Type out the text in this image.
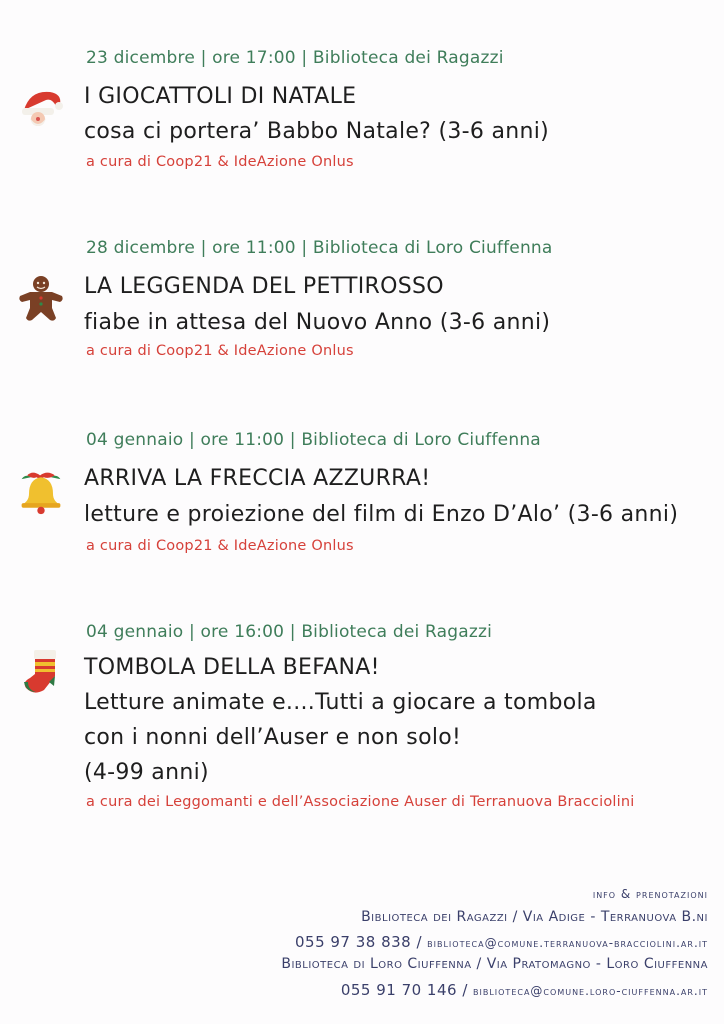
23 dicembre | ore 17:00 | Biblioteca dei Ragazzi
I GIOCATTOLI DI NATALE
cosa ci portera’ Babbo Natale? (3-6 anni)
a cura di Coop21 & IdeAzione Onlus
28 dicembre | ore 11:00 | Biblioteca di Loro Ciuffenna
LA LEGGENDA DEL PETTIROSSO
fiabe in attesa del Nuovo Anno (3-6 anni)
a cura di Coop21 & IdeAzione Onlus
04 gennaio | ore 11:00 | Biblioteca di Loro Ciuffenna
ARRIVA LA FRECCIA AZZURRA!
letture e proiezione del film di Enzo D’Alo’ (3-6 anni)
a cura di Coop21 & IdeAzione Onlus
04 gennaio | ore 16:00 | Biblioteca dei Ragazzi
TOMBOLA DELLA BEFANA!
Letture animate e....Tutti a giocare a tombola
con i nonni dell’Auser e non solo!
(4-99 anni)
a cura dei Leggomanti e dell’Associazione Auser di Terranuova Bracciolini
info & prenotazioni
Biblioteca dei Ragazzi / Via Adige - Terranuova B.ni
055 97 38 838 / biblioteca@comune.terranuova-bracciolini.ar.it
Biblioteca di Loro Ciuffenna / Via Pratomagno - Loro Ciuffenna
055 91 70 146 / biblioteca@comune.loro-ciuffenna.ar.it
